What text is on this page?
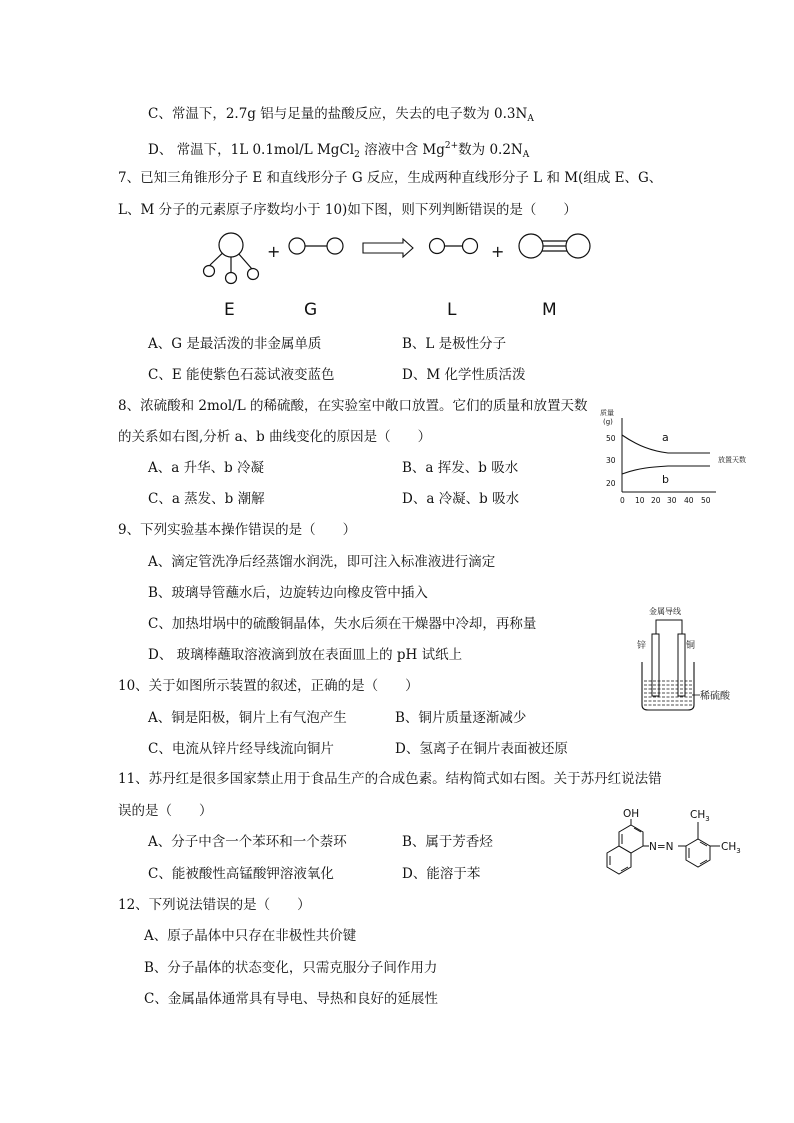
C、常温下，2.7g 铝与足量的盐酸反应，失去的电子数为 $0.3N_A$
D、 常温下，1L 0.1mol/L MgCl$_2$ 溶液中含 $Mg^{2+}$数为 $0.2N_A$
7、已知三角锥形分子 E 和直线形分子 G 反应，生成两种直线形分子 L 和 M(组成 E、G、
L、M 分子的元素原子序数均小于 10)如下图，则下列判断错误的是（　　）
+	+
E	G	L	M
A、G 是最活泼的非金属单质	B、L 是极性分子
C、E 能使紫色石蕊试液变蓝色	D、M 化学性质活泼
8、浓硫酸和 2mol/L 的稀硫酸，在实验室中敞口放置。它们的质量和放置天数
的关系如右图,分析 a、b 曲线变化的原因是（　　）
A、a 升华、b 冷凝	B、a 挥发、b 吸水
C、a 蒸发、b 潮解	D、a 冷凝、b 吸水
质量
(g)
50
30
20
a
b
放置天数
0 10 20 30 40 50
9、下列实验基本操作错误的是（　　）
A、滴定管洗净后经蒸馏水润洗，即可注入标准液进行滴定
B、玻璃导管蘸水后，边旋转边向橡皮管中插入
C、加热坩埚中的硫酸铜晶体，失水后须在干燥器中冷却，再称量
D、 玻璃棒蘸取溶液滴到放在表面皿上的 pH 试纸上
金属导线
锌	铜
稀硫酸
10、关于如图所示装置的叙述，正确的是（　　）
A、铜是阳极，铜片上有气泡产生	B、铜片质量逐渐减少
C、电流从锌片经导线流向铜片	D、氢离子在铜片表面被还原
11、苏丹红是很多国家禁止用于食品生产的合成色素。结构简式如右图。关于苏丹红说法错
误的是（　　）
A、分子中含一个苯环和一个萘环	B、属于芳香烃
C、能被酸性高锰酸钾溶液氧化	D、能溶于苯
OH
N=N
$CH_3$
$CH_3$
12、下列说法错误的是（　　）
A、原子晶体中只存在非极性共价键
B、分子晶体的状态变化，只需克服分子间作用力
C、金属晶体通常具有导电、导热和良好的延展性
